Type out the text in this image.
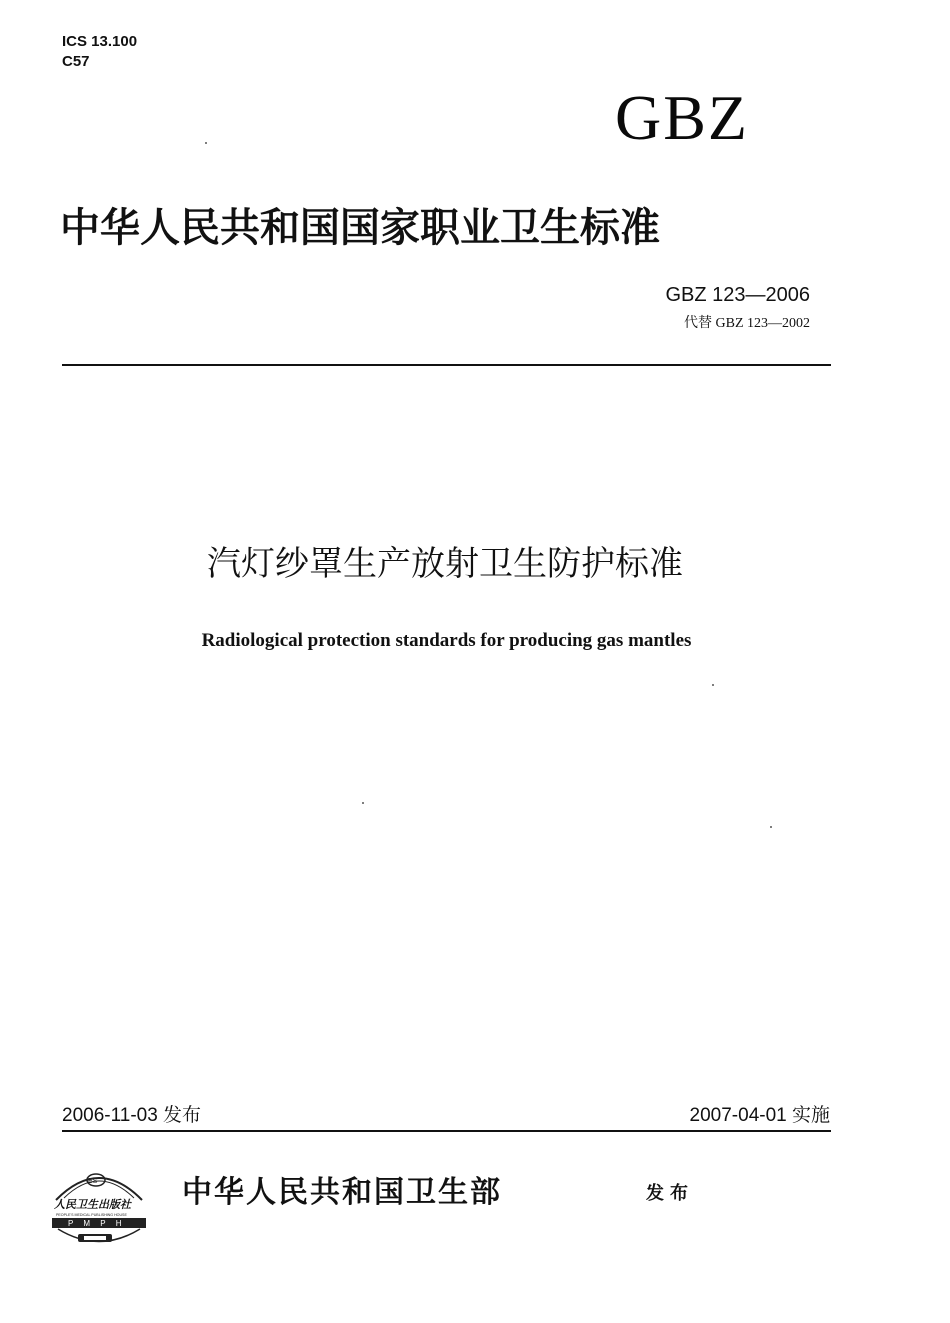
ICS 13.100
C57
GBZ
中华人民共和国国家职业卫生标准
GBZ 123—2006
代替 GBZ 123—2002
汽灯纱罩生产放射卫生防护标准
Radiological protection standards for producing gas mantles
2006-11-03 发布	2007-04-01 实施
ES
人民卫生出版社
PEOPLE'S MEDICAL PUBLISHING HOUSE
P M P H
中华人民共和国卫生部	发布
